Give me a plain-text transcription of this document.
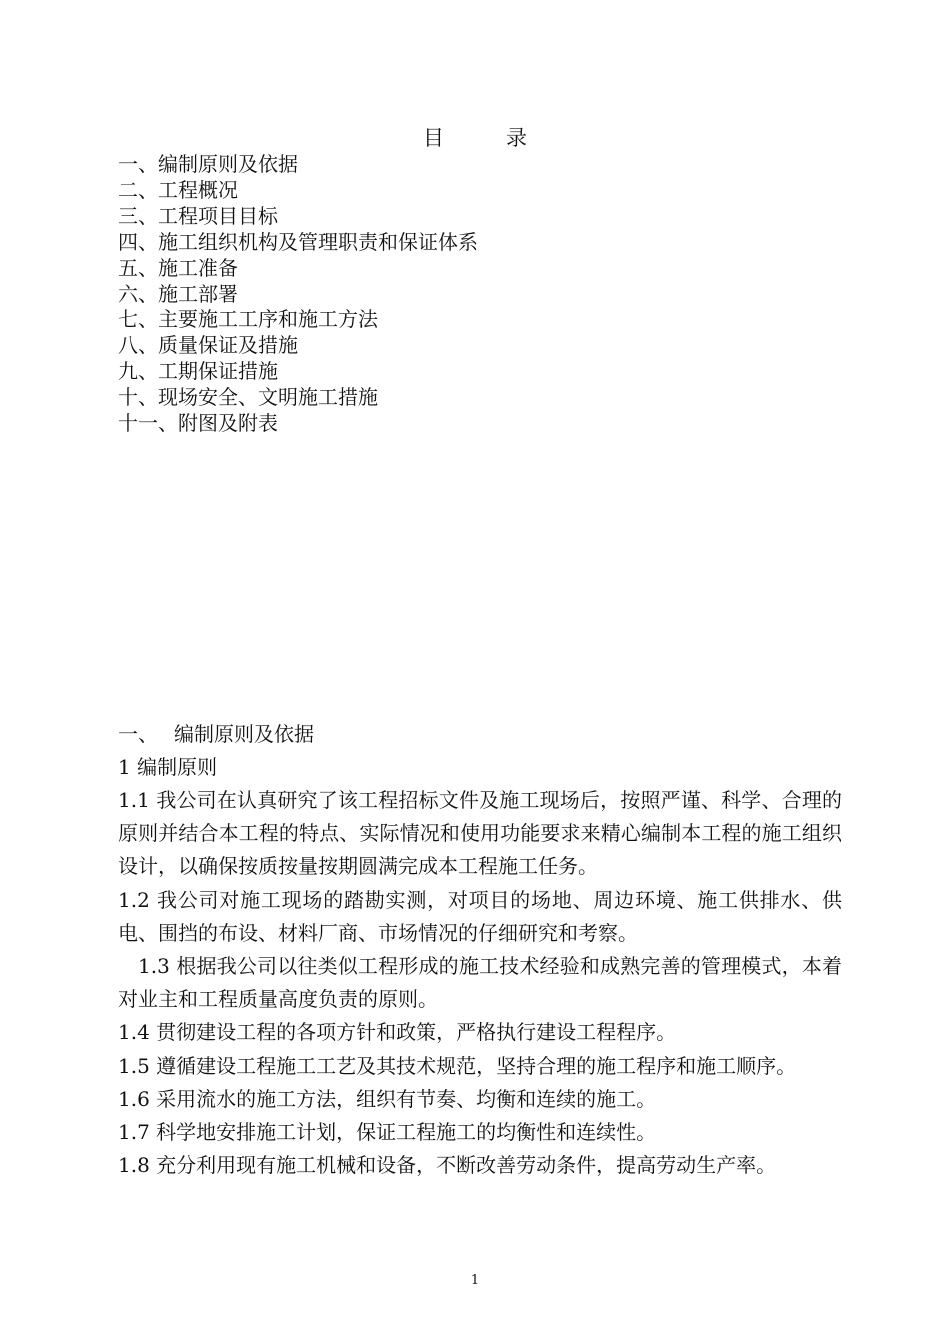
目	录
一、编制原则及依据
二、工程概况
三、工程项目目标
四、施工组织机构及管理职责和保证体系
五、施工准备
六、施工部署
七、主要施工工序和施工方法
八、质量保证及措施
九、工期保证措施
十、现场安全、文明施工措施
十一、附图及附表
一、 编制原则及依据
1 编制原则

1.1 我公司在认真研究了该工程招标文件及施工现场后，按照严谨、科学、合理的原则并结合本工程的特点、实际情况和使用功能要求来精心编制本工程的施工组织设计，以确保按质按量按期圆满完成本工程施工任务。

1.2 我公司对施工现场的踏勘实测，对项目的场地、周边环境、施工供排水、供电、围挡的布设、材料厂商、市场情况的仔细研究和考察。

1.3 根据我公司以往类似工程形成的施工技术经验和成熟完善的管理模式，本着对业主和工程质量高度负责的原则。

1.4 贯彻建设工程的各项方针和政策，严格执行建设工程程序。

1.5 遵循建设工程施工工艺及其技术规范，坚持合理的施工程序和施工顺序。

1.6 采用流水的施工方法，组织有节奏、均衡和连续的施工。

1.7 科学地安排施工计划，保证工程施工的均衡性和连续性。

1.8 充分利用现有施工机械和设备，不断改善劳动条件，提高劳动生产率。

1
